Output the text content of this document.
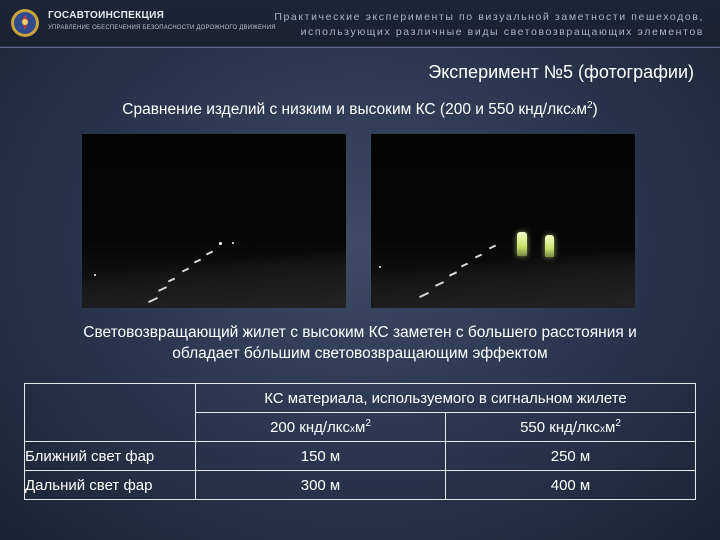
ГОСАВТОИНСПЕКЦИЯ
УПРАВЛЕНИЕ ОБЕСПЕЧЕНИЯ БЕЗОПАСНОСТИ ДОРОЖНОГО ДВИЖЕНИЯ
Практические эксперименты по визуальной заметности пешеходов,
использующих различные виды световозвращающих элементов
Эксперимент №5 (фотографии)
Сравнение изделий с низким и высоким КС (200 и 550 кнд/лксхм$^2$)
Световозвращающий жилет с высоким КС заметен с большего расстояния и
обладает бо́льшим световозвращающим эффектом
	КС материала, используемого в сигнальном жилете	
	200 кнд/лксхм$^2$	550 кнд/лксхм$^2$
Ближний свет фар	150 м	250 м
Дальний свет фар	300 м	400 м
